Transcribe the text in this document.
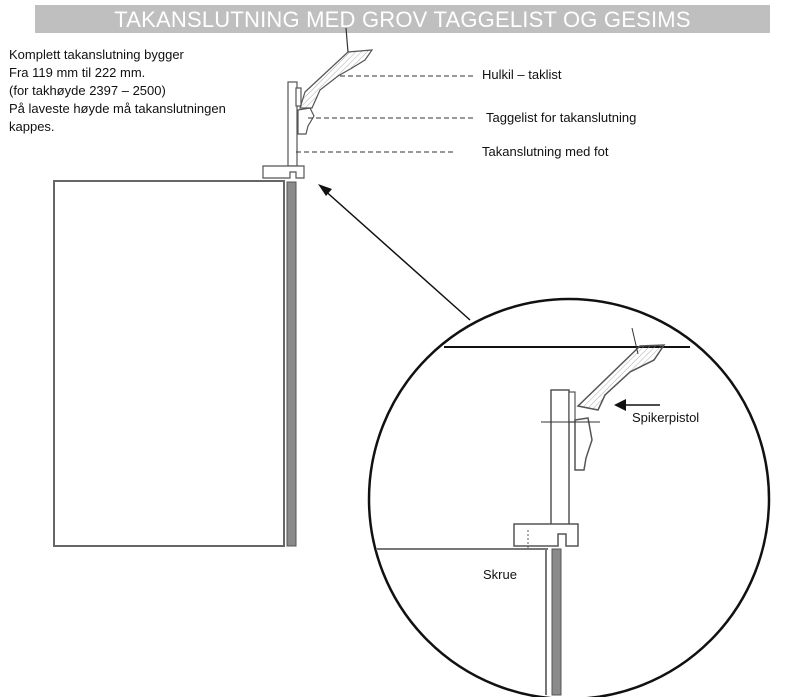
TAKANSLUTNING MED GROV TAGGELIST OG GESIMS
Komplett takanslutning bygger
Fra 119 mm til 222 mm.
(for takhøyde 2397 – 2500)
På laveste høyde må takanslutningen
kappes.
Hulkil – taklist
Taggelist for takanslutning
Takanslutning med fot
Spikerpistol
Skrue
